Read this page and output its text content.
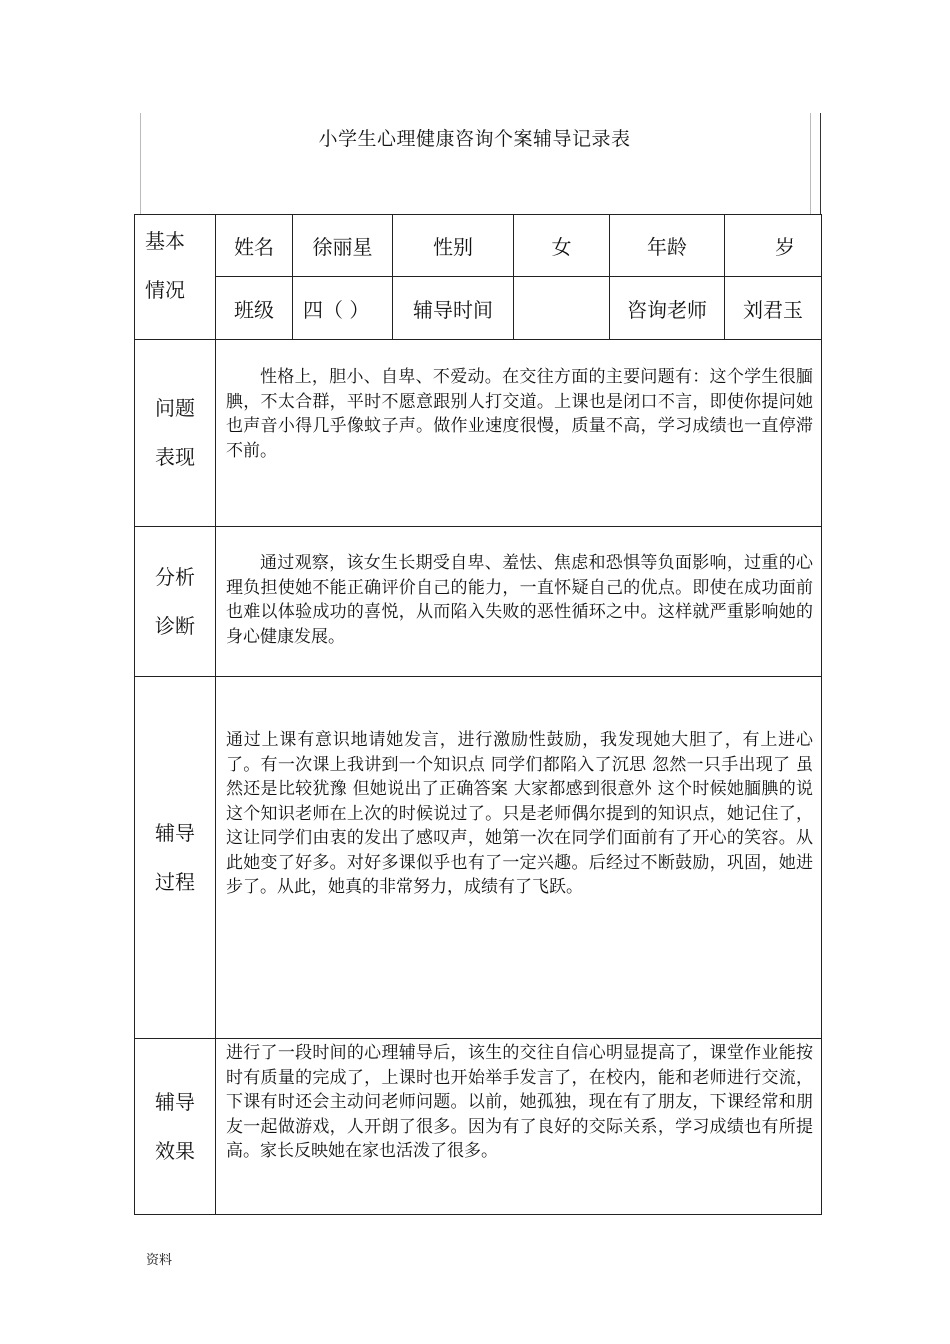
小学生心理健康咨询个案辅导记录表
基本
情况	姓名	徐丽星	性别	女	年龄	岁
	班级	四（ ）	辅导时间		咨询老师	刘君玉

问题
表现	性格上，胆小、自卑、不爱动。在交往方面的主要问题有：这个学生很腼腆，不太合群，平时不愿意跟别人打交道。上课也是闭口不言，即使你提问她也声音小得几乎像蚊子声。做作业速度很慢，质量不高，学习成绩也一直停滞不前。					

分析
诊断	通过观察，该女生长期受自卑、羞怯、焦虑和恐惧等负面影响，过重的心理负担使她不能正确评价自己的能力，一直怀疑自己的优点。即使在成功面前也难以体验成功的喜悦，从而陷入失败的恶性循环之中。这样就严重影响她的身心健康发展。					

辅导
过程	通过上课有意识地请她发言，进行激励性鼓励，我发现她大胆了，有上进心了。有一次课上我讲到一个知识点 同学们都陷入了沉思 忽然一只手出现了 虽然还是比较犹豫 但她说出了正确答案 大家都感到很意外 这个时候她腼腆的说 这个知识老师在上次的时候说过了。只是老师偶尔提到的知识点，她记住了，这让同学们由衷的发出了感叹声，她第一次在同学们面前有了开心的笑容。从此她变了好多。对好多课似乎也有了一定兴趣。后经过不断鼓励，巩固，她进步了。从此，她真的非常努力，成绩有了飞跃。					

辅导
效果	进行了一段时间的心理辅导后，该生的交往自信心明显提高了，课堂作业能按时有质量的完成了，上课时也开始举手发言了，在校内，能和老师进行交流，下课有时还会主动问老师问题。以前，她孤独，现在有了朋友，下课经常和朋友一起做游戏，人开朗了很多。因为有了良好的交际关系，学习成绩也有所提高。家长反映她在家也活泼了很多。					
资料
